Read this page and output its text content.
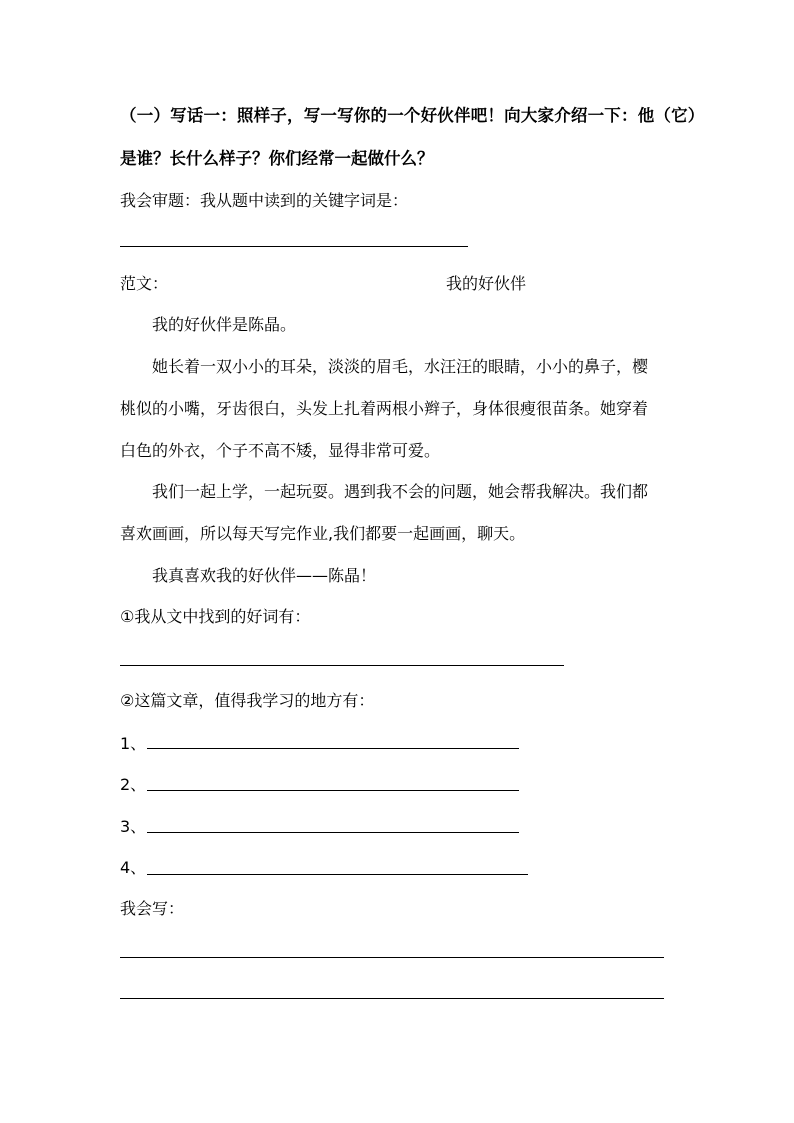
（一）写话一：照样子，写一写你的一个好伙伴吧！向大家介绍一下：他（它）
是谁？长什么样子？你们经常一起做什么？
我会审题：我从题中读到的关键字词是：
范文：	我的好伙伴
我的好伙伴是陈晶。
她长着一双小小的耳朵，淡淡的眉毛，水汪汪的眼睛，小小的鼻子，樱
桃似的小嘴，牙齿很白，头发上扎着两根小辫子，身体很瘦很苗条。她穿着
白色的外衣，个子不高不矮，显得非常可爱。
我们一起上学，一起玩耍。遇到我不会的问题，她会帮我解决。我们都
喜欢画画，所以每天写完作业,我们都要一起画画，聊天。
我真喜欢我的好伙伴——陈晶！
①我从文中找到的好词有：
②这篇文章，值得我学习的地方有：
1、
2、
3、
4、
我会写：
